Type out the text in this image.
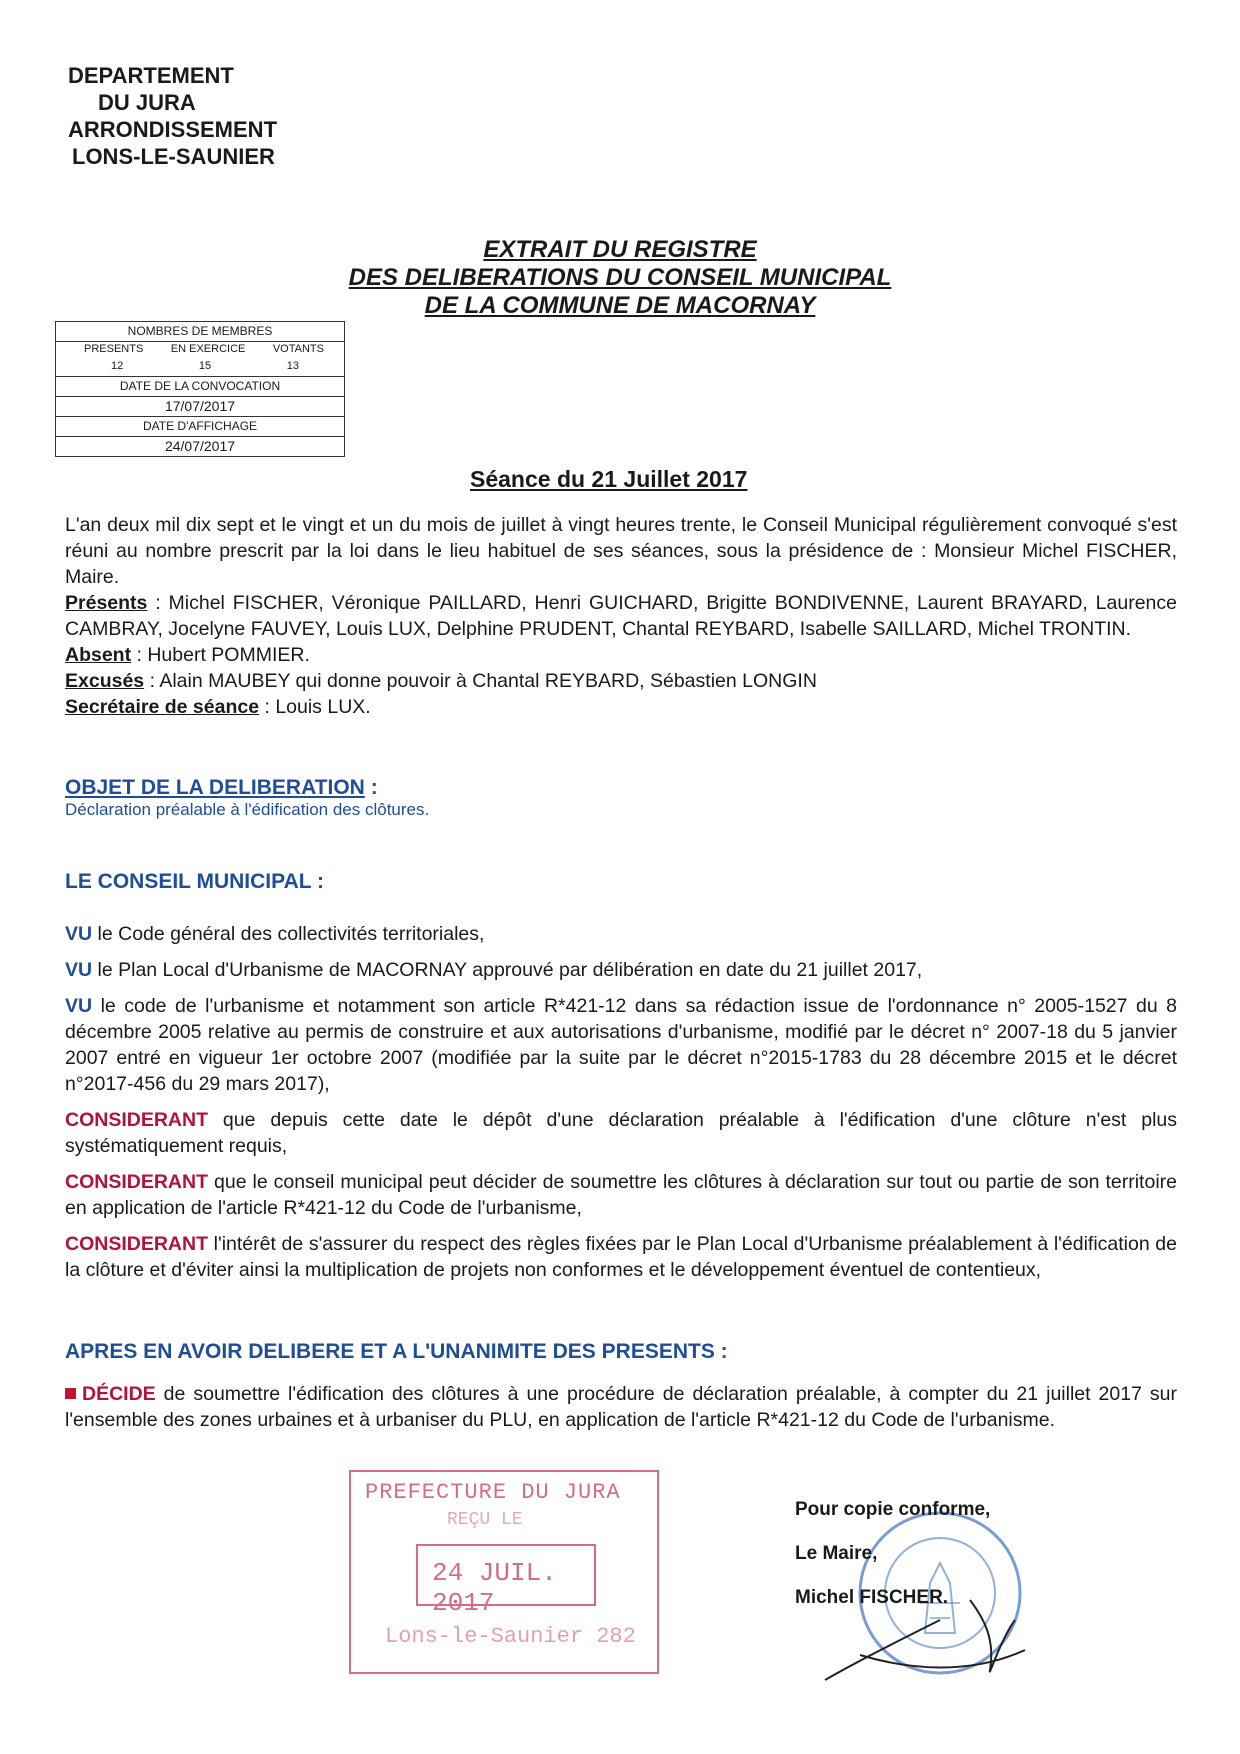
DEPARTEMENT
DU JURA
ARRONDISSEMENT
LONS-LE-SAUNIER
EXTRAIT DU REGISTRE
DES DELIBERATIONS DU CONSEIL MUNICIPAL
DE LA COMMUNE DE MACORNAY
NOMBRES DE MEMBRES
PRESENTS EN EXERCICE VOTANTS
12	15	13
DATE DE LA CONVOCATION
17/07/2017
DATE D'AFFICHAGE
24/07/2017
Séance du 21 Juillet 2017
L'an deux mil dix sept et le vingt et un du mois de juillet à vingt heures trente, le Conseil Municipal régulièrement convoqué s'est réuni au nombre prescrit par la loi dans le lieu habituel de ses séances, sous la présidence de : Monsieur Michel FISCHER, Maire.
Présents : Michel FISCHER, Véronique PAILLARD, Henri GUICHARD, Brigitte BONDIVENNE, Laurent BRAYARD, Laurence CAMBRAY, Jocelyne FAUVEY, Louis LUX, Delphine PRUDENT, Chantal REYBARD, Isabelle SAILLARD, Michel TRONTIN.
Absent : Hubert POMMIER.
Excusés : Alain MAUBEY qui donne pouvoir à Chantal REYBARD, Sébastien LONGIN
Secrétaire de séance : Louis LUX.
OBJET DE LA DELIBERATION :
Déclaration préalable à l'édification des clôtures.
LE CONSEIL MUNICIPAL :

VU le Code général des collectivités territoriales,

VU le Plan Local d'Urbanisme de MACORNAY approuvé par délibération en date du 21 juillet 2017,

VU le code de l'urbanisme et notamment son article R*421-12 dans sa rédaction issue de l'ordonnance n° 2005-1527 du 8 décembre 2005 relative au permis de construire et aux autorisations d'urbanisme, modifié par le décret n° 2007-18 du 5 janvier 2007 entré en vigueur 1er octobre 2007 (modifiée par la suite par le décret n°2015-1783 du 28 décembre 2015 et le décret n°2017-456 du 29 mars 2017),

CONSIDERANT que depuis cette date le dépôt d'une déclaration préalable à l'édification d'une clôture n'est plus systématiquement requis,

CONSIDERANT que le conseil municipal peut décider de soumettre les clôtures à déclaration sur tout ou partie de son territoire en application de l'article R*421-12 du Code de l'urbanisme,

CONSIDERANT l'intérêt de s'assurer du respect des règles fixées par le Plan Local d'Urbanisme préalablement à l'édification de la clôture et d'éviter ainsi la multiplication de projets non conformes et le développement éventuel de contentieux,

APRES EN AVOIR DELIBERE ET A L'UNANIMITE DES PRESENTS :
DÉCIDE de soumettre l'édification des clôtures à une procédure de déclaration préalable, à compter du 21 juillet 2017 sur l'ensemble des zones urbaines et à urbaniser du PLU, en application de l'article R*421-12 du Code de l'urbanisme.
PREFECTURE DU JURA
REÇU LE
24 JUIL. 2017
Lons-le-Saunier 282
Pour copie conforme,
Le Maire,
Michel FISCHER.
